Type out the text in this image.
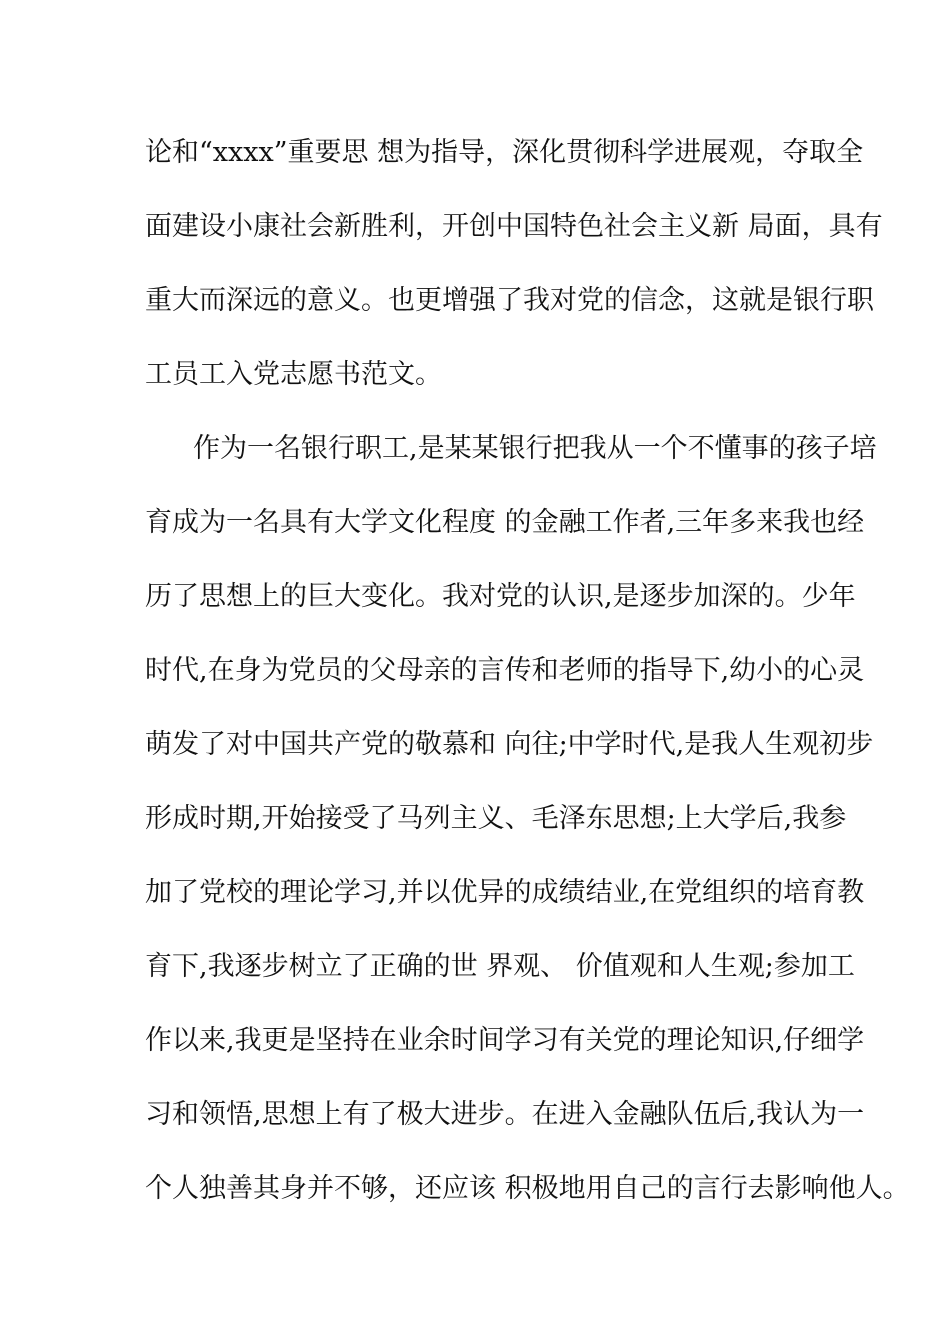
论和“xxxx”重要思 想为指导，深化贯彻科学进展观，夺取全
面建设小康社会新胜利，开创中国特色社会主义新 局面，具有
重大而深远的意义。也更增强了我对党的信念，这就是银行职
工员工入党志愿书范文。
作为一名银行职工,是某某银行把我从一个不懂事的孩子培
育成为一名具有大学文化程度 的金融工作者,三年多来我也经
历了思想上的巨大变化。我对党的认识,是逐步加深的。少年
时代,在身为党员的父母亲的言传和老师的指导下,幼小的心灵
萌发了对中国共产党的敬慕和 向往;中学时代,是我人生观初步
形成时期,开始接受了马列主义、毛泽东思想;上大学后,我参
加了党校的理论学习,并以优异的成绩结业,在党组织的培育教
育下,我逐步树立了正确的世 界观、 价值观和人生观;参加工
作以来,我更是坚持在业余时间学习有关党的理论知识,仔细学
习和领悟,思想上有了极大进步。在进入金融队伍后,我认为一
个人独善其身并不够，还应该 积极地用自己的言行去影响他人。
